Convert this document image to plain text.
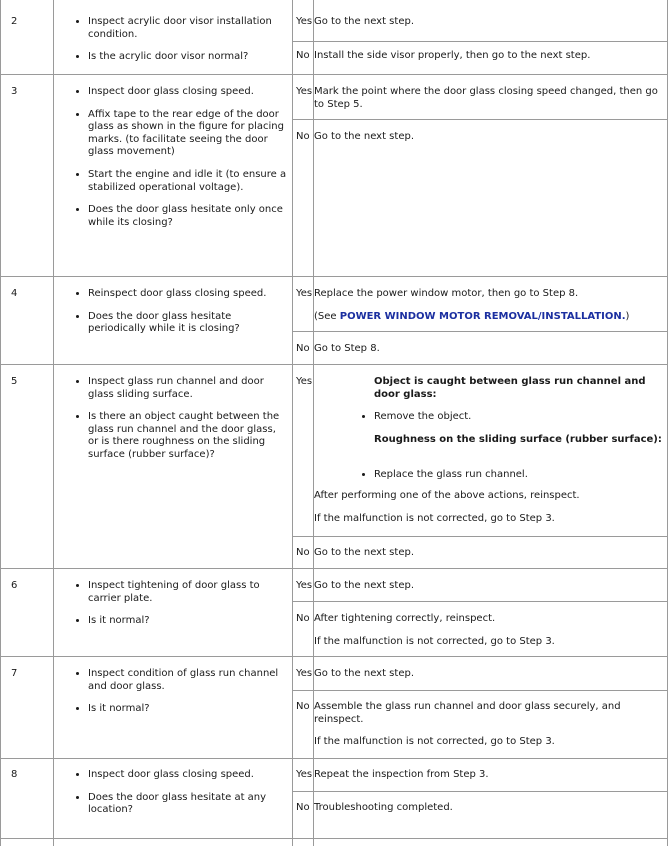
2	• Inspect acrylic door visor installation condition.
• Is the acrylic door visor normal?
Yes Go to the next step.

No Install the side visor properly, then go to the next step.

3	• Inspect door glass closing speed.
• Affix tape to the rear edge of the door glass as shown in the figure for placing marks. (to facilitate seeing the door glass movement)
• Start the engine and idle it (to ensure a stabilized operational voltage).
• Does the door glass hesitate only once while its closing?
Yes Mark the point where the door glass closing speed changed, then go to Step 5.

No Go to the next step.

4	• Reinspect door glass closing speed.
• Does the door glass hesitate periodically while it is closing?
Yes Replace the power window motor, then go to Step 8.

(See POWER WINDOW MOTOR REMOVAL/INSTALLATION.)

No Go to Step 8.

5	• Inspect glass run channel and door glass sliding surface.
• Is there an object caught between the glass run channel and the door glass, or is there roughness on the sliding surface (rubber surface)?
Yes	Object is caught between glass run channel and door glass:

• Remove the object.

Roughness on the sliding surface (rubber surface):

• Replace the glass run channel.

After performing one of the above actions, reinspect.

If the malfunction is not corrected, go to Step 3.

No Go to the next step.

6	• Inspect tightening of door glass to carrier plate.
• Is it normal?
Yes Go to the next step.

No After tightening correctly, reinspect.

If the malfunction is not corrected, go to Step 3.

7	• Inspect condition of glass run channel and door glass.
• Is it normal?
Yes Go to the next step.

No Assemble the glass run channel and door glass securely, and reinspect.

If the malfunction is not corrected, go to Step 3.

8	• Inspect door glass closing speed.
• Does the door glass hesitate at any location?
Yes Repeat the inspection from Step 3.

No Troubleshooting completed.
